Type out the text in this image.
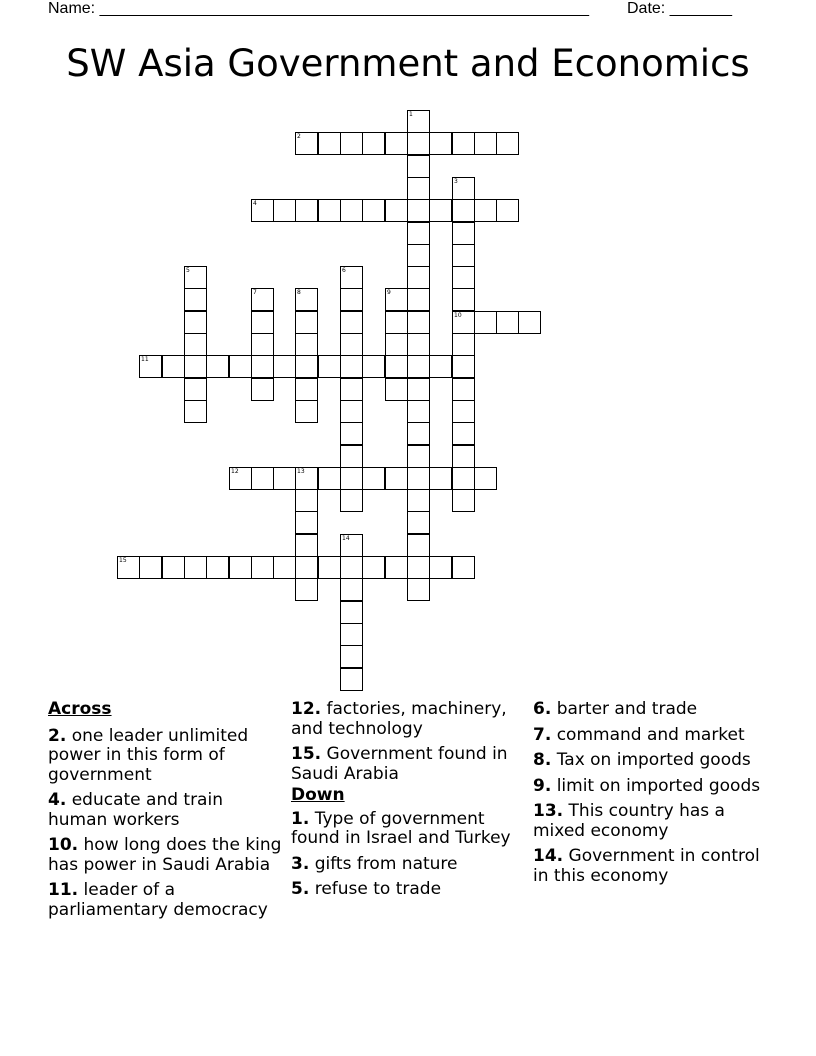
Name: _______________________________________________________ Date: _______
SW Asia Government and Economics
1
2
3
10
4
5	6
7	8	9
11
12	13
14
15
Across
2. one leader unlimited power in this form of government
4. educate and train human workers
10. how long does the king has power in Saudi Arabia
11. leader of a parliamentary democracy
12. factories, machinery, and technology
15. Government found in Saudi Arabia
Down
1. Type of government found in Israel and Turkey
3. gifts from nature
5. refuse to trade
6. barter and trade
7. command and market
8. Tax on imported goods
9. limit on imported goods
13. This country has a mixed economy
14. Government in control in this economy
